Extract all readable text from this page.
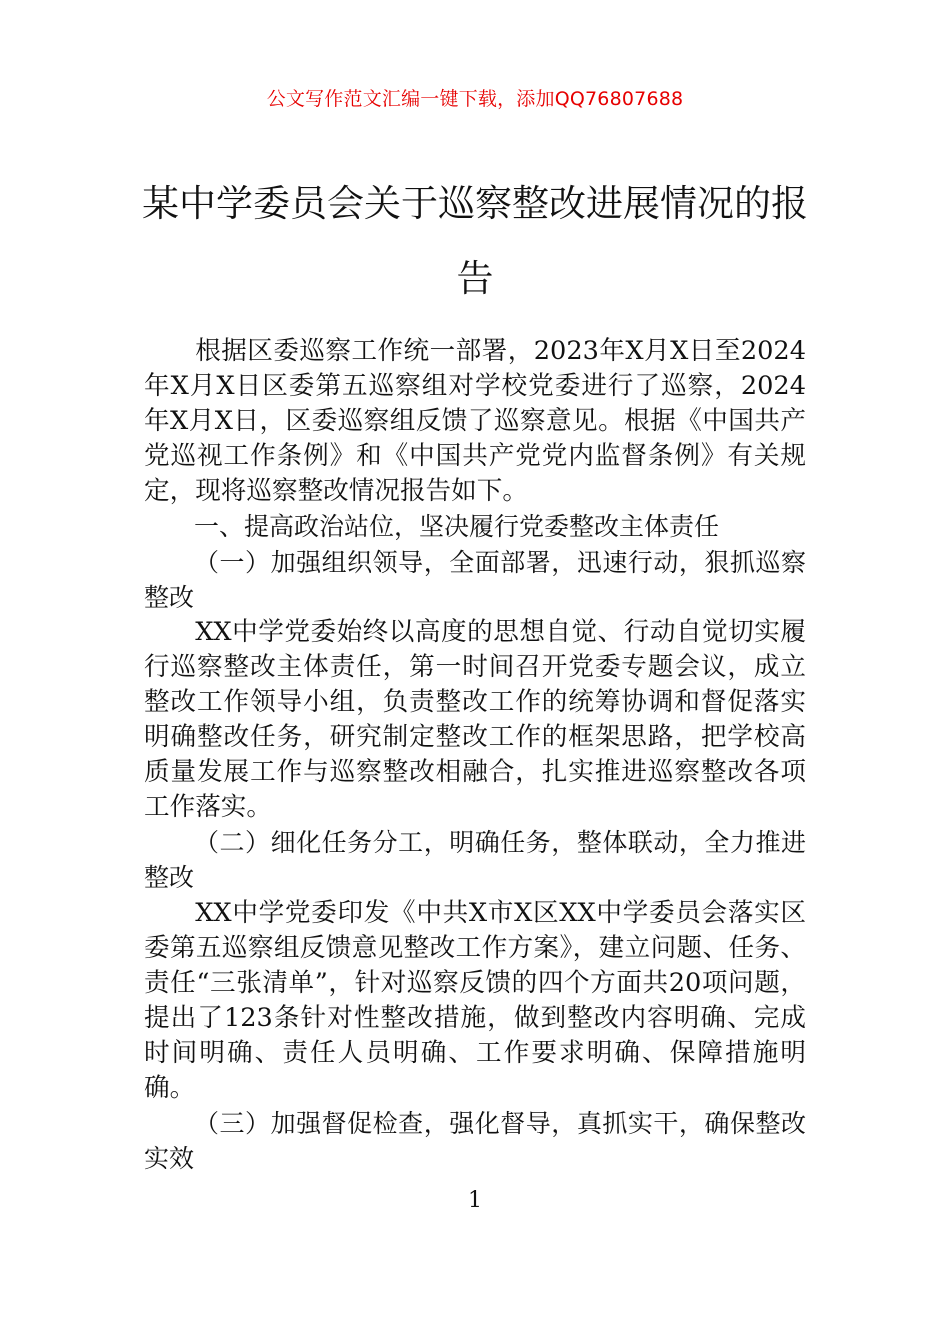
公文写作范文汇编一键下载，添加QQ76807688
某中学委员会关于巡察整改进展情况的报告

根据区委巡察工作统一部署，2023年X月X日至2024年X月X日区委第五巡察组对学校党委进行了巡察，2024年X月X日，区委巡察组反馈了巡察意见。根据《中国共产党巡视工作条例》和《中国共产党党内监督条例》有关规定，现将巡察整改情况报告如下。

一、提高政治站位，坚决履行党委整改主体责任

（一）加强组织领导，全面部署，迅速行动，狠抓巡察整改

XX中学党委始终以高度的思想自觉、行动自觉切实履行巡察整改主体责任，第一时间召开党委专题会议，成立整改工作领导小组，负责整改工作的统筹协调和督促落实明确整改任务，研究制定整改工作的框架思路，把学校高质量发展工作与巡察整改相融合，扎实推进巡察整改各项工作落实。

（二）细化任务分工，明确任务，整体联动，全力推进整改

XX中学党委印发《中共X市X区XX中学委员会落实区委第五巡察组反馈意见整改工作方案》，建立问题、任务、责任“三张清单”，针对巡察反馈的四个方面共20项问题，提出了123条针对性整改措施，做到整改内容明确、完成时间明确、责任人员明确、工作要求明确、保障措施明确。

（三）加强督促检查，强化督导，真抓实干，确保整改实效

1
